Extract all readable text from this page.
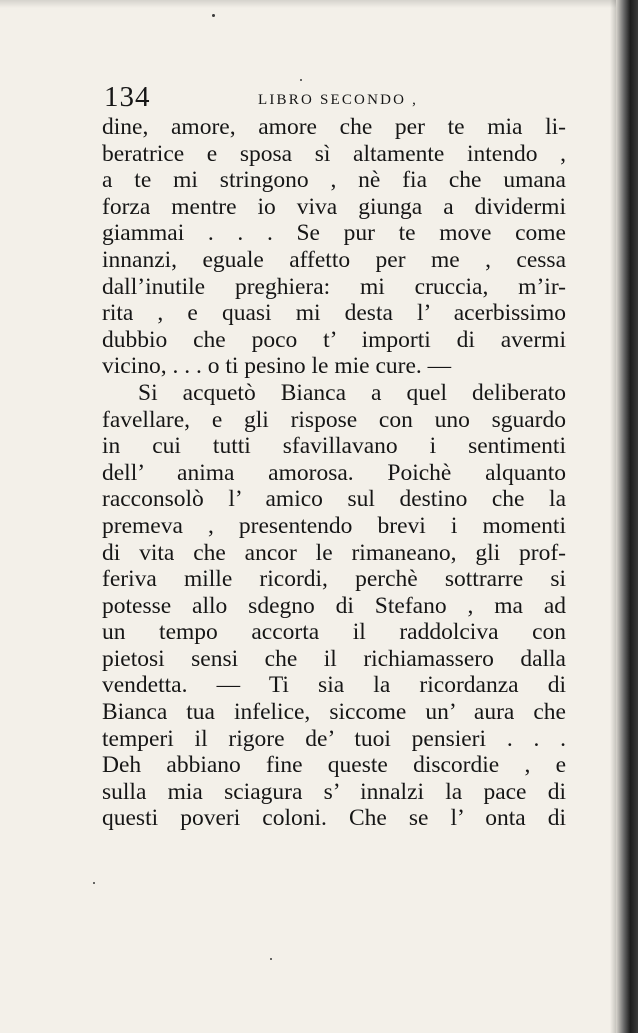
134	LIBRO SECONDO ,
dine, amore, amore che per te mia li-
beratrice e sposa sì altamente intendo ,
a te mi stringono , nè fia che umana
forza mentre io viva giunga a dividermi
giammai . . . Se pur te move come
innanzi, eguale affetto per me , cessa
dall’inutile preghiera: mi cruccia, m’ir-
rita , e quasi mi desta l’ acerbissimo
dubbio che poco t’ importi di avermi
vicino, . . . o ti pesino le mie cure. —
Si acquetò Bianca a quel deliberato
favellare, e gli rispose con uno sguardo
in cui tutti sfavillavano i sentimenti
dell’ anima amorosa. Poichè alquanto
racconsolò l’ amico sul destino che la
premeva , presentendo brevi i momenti
di vita che ancor le rimaneano, gli prof-
feriva mille ricordi, perchè sottrarre si
potesse allo sdegno di Stefano , ma ad
un tempo accorta il raddolciva con
pietosi sensi che il richiamassero dalla
vendetta. — Ti sia la ricordanza di
Bianca tua infelice, siccome un’ aura che
temperi il rigore de’ tuoi pensieri . . .
Deh abbiano fine queste discordie , e
sulla mia sciagura s’ innalzi la pace di
questi poveri coloni. Che se l’ onta di
